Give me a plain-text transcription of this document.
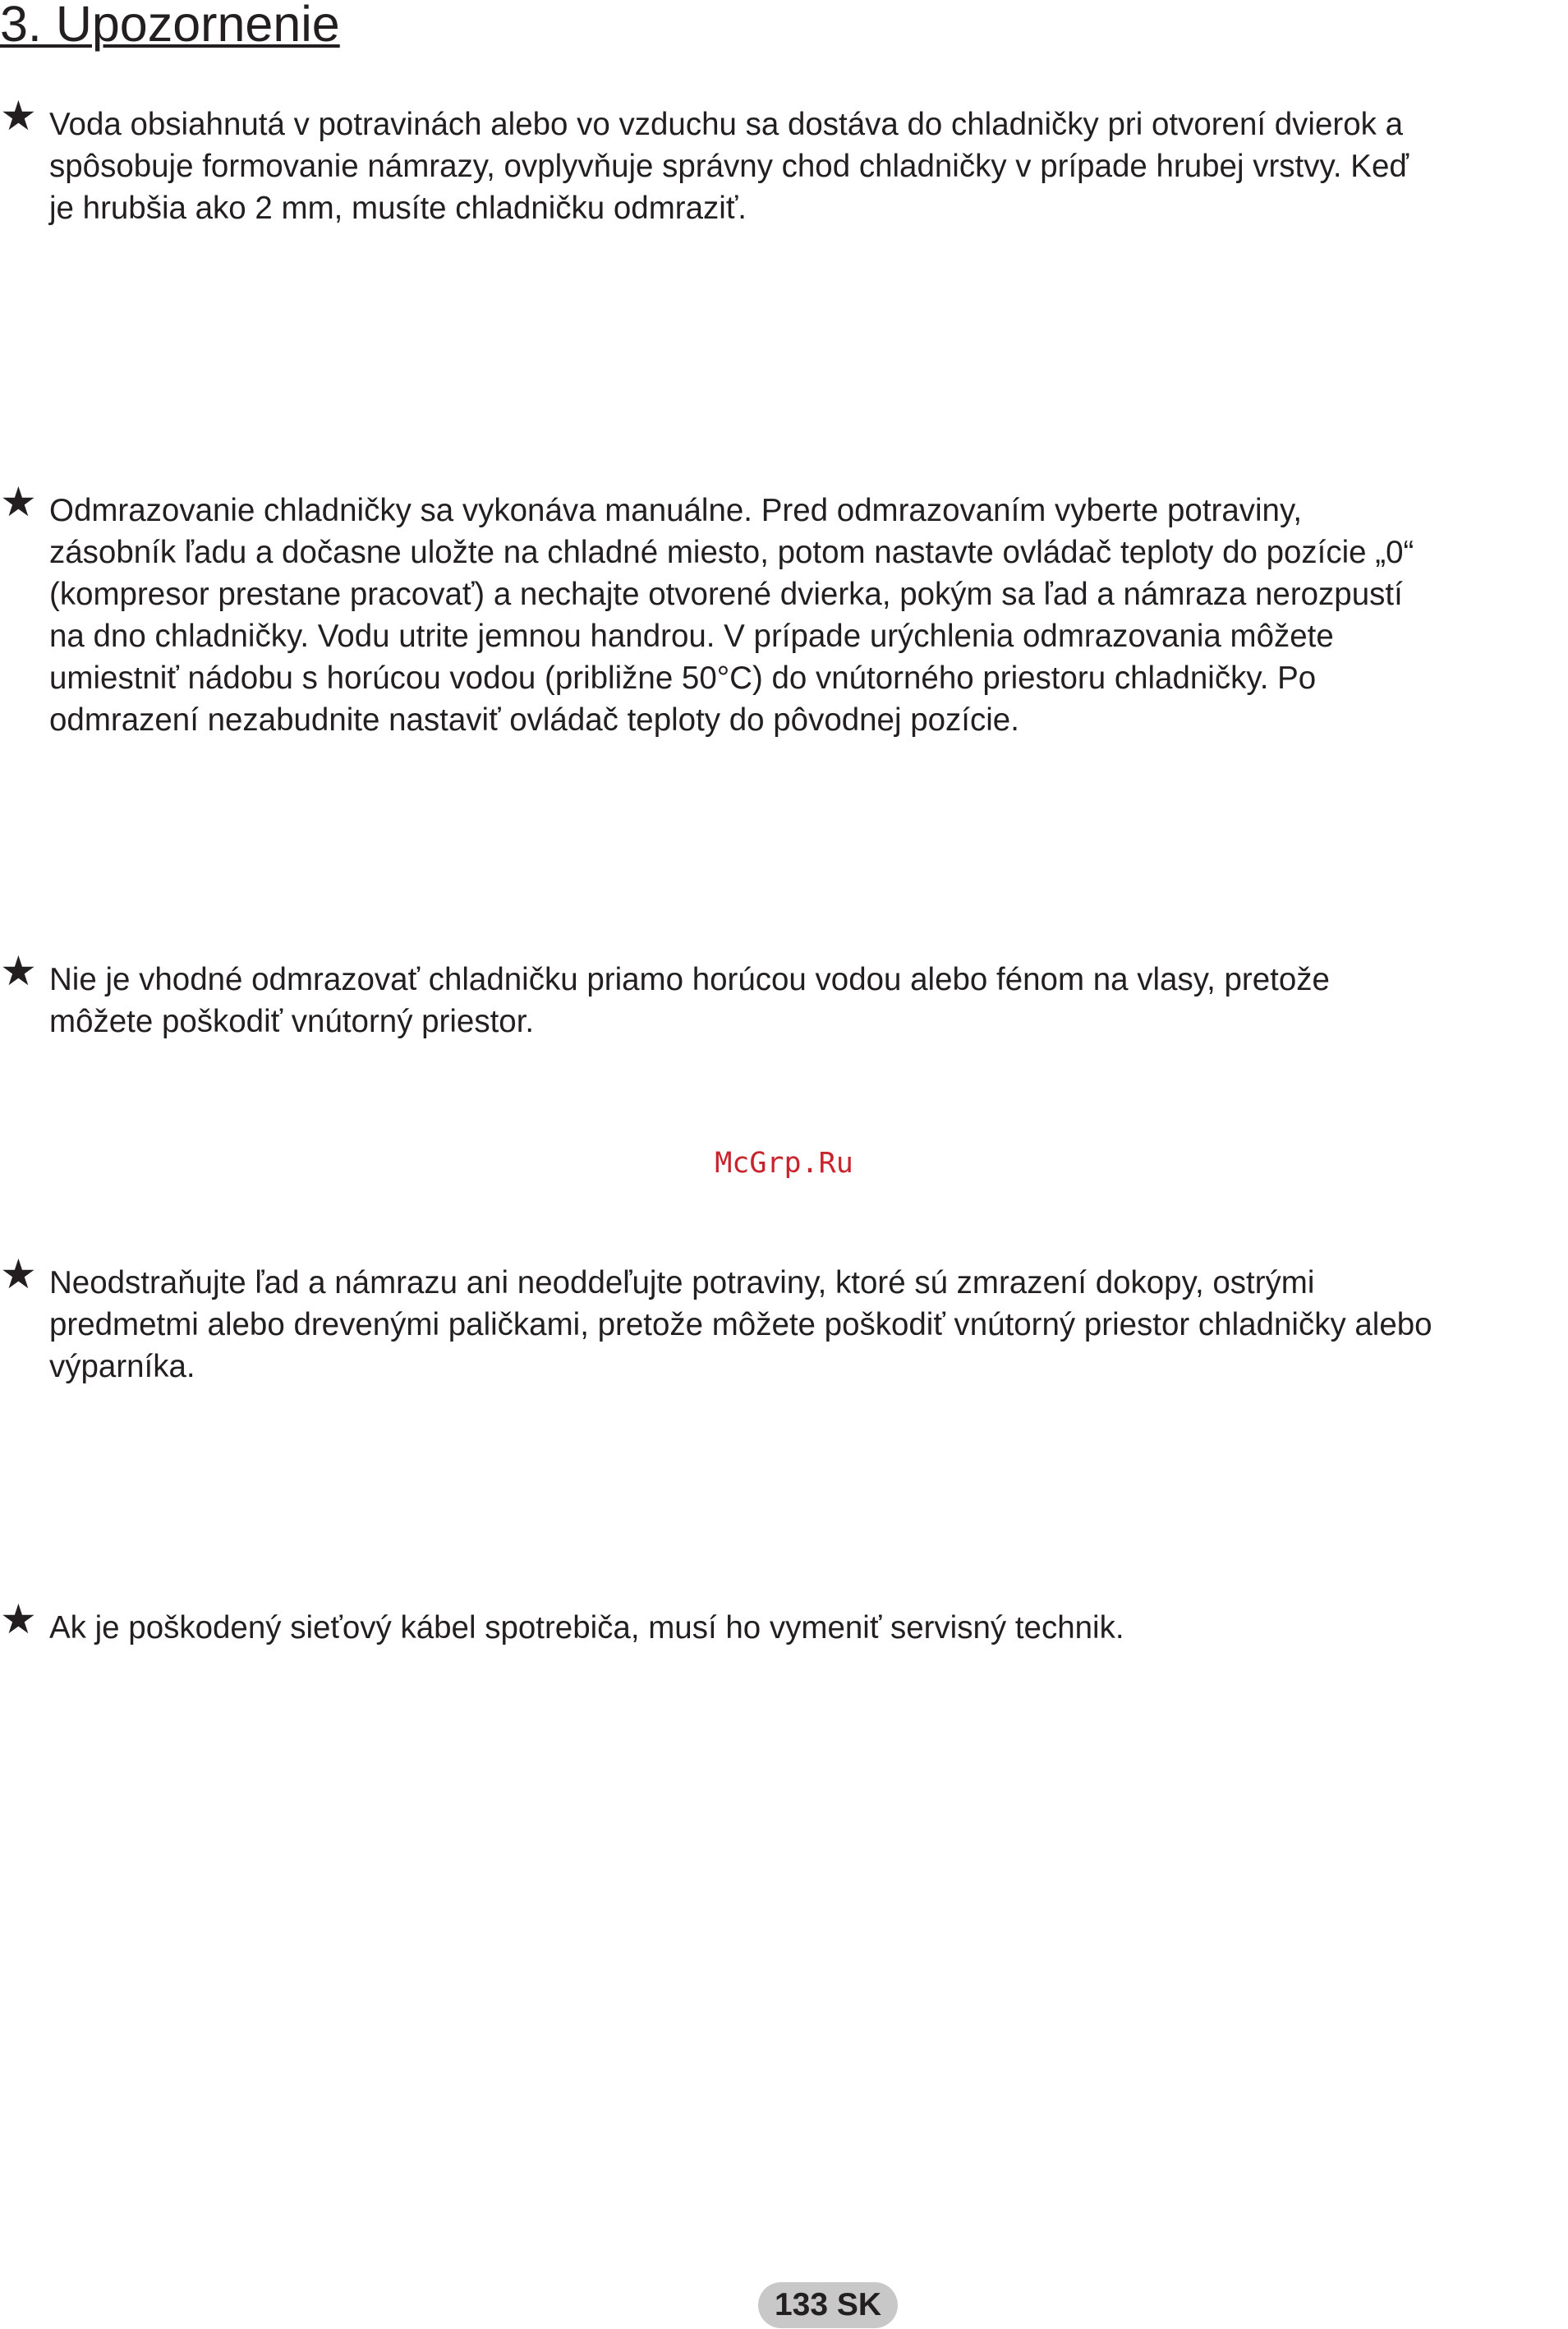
3. Upozornenie
★ Voda obsiahnutá v potravinách alebo vo vzduchu sa dostáva do chladničky pri otvorení dvierok a
spôsobuje formovanie námrazy, ovplyvňuje správny chod chladničky v prípade hrubej vrstvy. Keď
je hrubšia ako 2 mm, musíte chladničku odmraziť.
★ Odmrazovanie chladničky sa vykonáva manuálne. Pred odmrazovaním vyberte potraviny,
zásobník ľadu a dočasne uložte na chladné miesto, potom nastavte ovládač teploty do pozície „0“
(kompresor prestane pracovať) a nechajte otvorené dvierka, pokým sa ľad a námraza nerozpustí
na dno chladničky. Vodu utrite jemnou handrou. V prípade urýchlenia odmrazovania môžete
umiestniť nádobu s horúcou vodou (približne 50°C) do vnútorného priestoru chladničky. Po
odmrazení nezabudnite nastaviť ovládač teploty do pôvodnej pozície.
★ Nie je vhodné odmrazovať chladničku priamo horúcou vodou alebo fénom na vlasy, pretože
môžete poškodiť vnútorný priestor.
McGrp.Ru
★ Neodstraňujte ľad a námrazu ani neoddeľujte potraviny, ktoré sú zmrazení dokopy, ostrými
predmetmi alebo drevenými paličkami, pretože môžete poškodiť vnútorný priestor chladničky alebo
výparníka.
★ Ak je poškodený sieťový kábel spotrebiča, musí ho vymeniť servisný technik.
133 SK
